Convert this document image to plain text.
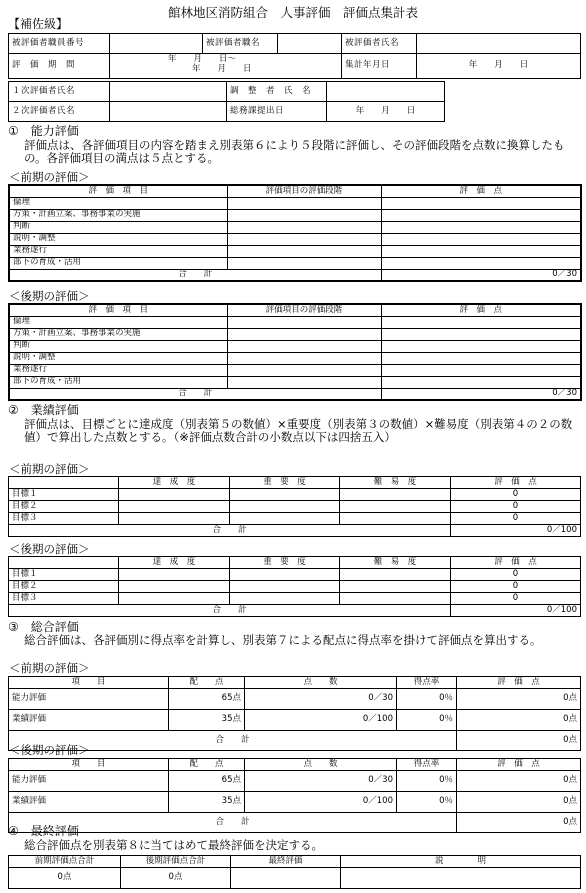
館林地区消防組合　人事評価　評価点集計表
【補佐級】
被評価者職員番号		被評価者職名		被評価者氏名	
評　価　期　間	年　　月　　日～
年　　月　　日			集計年月日	年　　月　　日
１次評価者氏名		調　整　者　氏　名	
２次評価者氏名		総務課提出日	年　　月　　日
①　能力評価
評価点は、各評価項目の内容を踏まえ別表第６により５段階に評価し、その評価段階を点数に換算したもの。各評価項目の満点は５点とする。
＜前期の評価＞
評　価　項　目	評価項目の評価段階	評　価　点
倫理		
方策・計画立案、事務事業の実施		
判断		
説明・調整		
業務遂行		
部下の育成・活用		
合　　計		0／30
＜後期の評価＞
評　価　項　目	評価項目の評価段階	評　価　点
倫理		
方策・計画立案、事務事業の実施		
判断		
説明・調整		
業務遂行		
部下の育成・活用		
合　　計		0／30
②　業績評価
評価点は、目標ごとに達成度（別表第５の数値）×重要度（別表第３の数値）×難易度（別表第４の２の数値）で算出した点数とする。（※評価点数合計の小数点以下は四捨五入）
＜前期の評価＞
	達　成　度	重　要　度	難　易　度	評　価　点
目標１				0
目標２				0
目標３				0
合　　計				0／100
＜後期の評価＞
	達　成　度	重　要　度	難　易　度	評　価　点
目標１				0
目標２				0
目標３				0
合　　計				0／100
③　総合評価
総合評価は、各評価別に得点率を計算し、別表第７による配点に得点率を掛けて評価点を算出する。
＜前期の評価＞
項　　目	配　　点	点　　数	得点率	評　価　点
能力評価	65点	0／30	0％	0点
業績評価	35点	0／100	0％	0点
合　　計				0点
＜後期の評価＞
項　　目	配　　点	点　　数	得点率	評　価　点
能力評価	65点	0／30	0％	0点
業績評価	35点	0／100	0％	0点
合　　計				0点
④　最終評価
総合評価点を別表第８に当てはめて最終評価を決定する。
前期評価点合計	後期評価点合計	最終評価	説　　　　明
0点	0点		
